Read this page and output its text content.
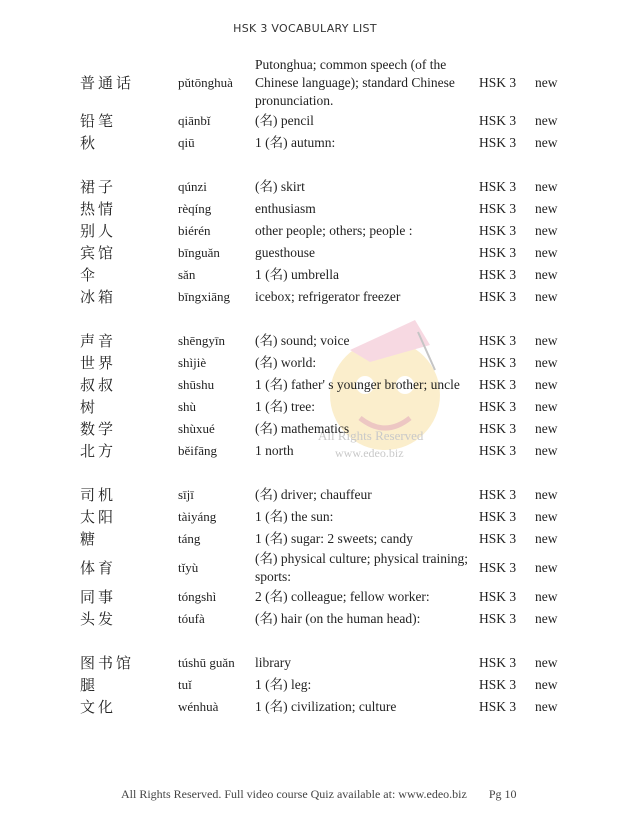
HSK 3 VOCABULARY LIST
All Rights Reserved
www.edeo.biz
普通话	pǔtōnghuà	Putonghua; common speech (of the Chinese language); standard Chinese pronunciation.	HSK 3	new
铅笔	qiānbǐ	(名) pencil	HSK 3	new
秋	qiū	1 (名) autumn:	HSK 3	new

裙子	qúnzi	(名) skirt	HSK 3	new
热情	rèqíng	enthusiasm	HSK 3	new
别人	biérén	other people; others; people :	HSK 3	new
宾馆	bīnguǎn	guesthouse	HSK 3	new
伞	sǎn	1 (名) umbrella	HSK 3	new
冰箱	bīngxiāng	icebox; refrigerator freezer	HSK 3	new

声音	shēngyīn	(名) sound; voice	HSK 3	new
世界	shìjiè	(名) world:	HSK 3	new
叔叔	shūshu	1 (名) father' s younger brother; uncle	HSK 3	new
树	shù	1 (名) tree:	HSK 3	new
数学	shùxué	(名) mathematics	HSK 3	new
北方	běifāng	1 north	HSK 3	new

司机	sījī	(名) driver; chauffeur	HSK 3	new
太阳	tàiyáng	1 (名) the sun:	HSK 3	new
糖	táng	1 (名) sugar: 2 sweets; candy	HSK 3	new
体育	tǐyù	(名) physical culture; physical training; sports:	HSK 3	new
同事	tóngshì	2 (名) colleague; fellow worker:	HSK 3	new
头发	tóufà	(名) hair (on the human head):	HSK 3	new

图书馆	túshū guǎn	library	HSK 3	new
腿	tuǐ	1 (名) leg:	HSK 3	new
文化	wénhuà	1 (名) civilization; culture	HSK 3	new
All Rights Reserved. Full video course Quiz available at: www.edeo.biz Pg 10
